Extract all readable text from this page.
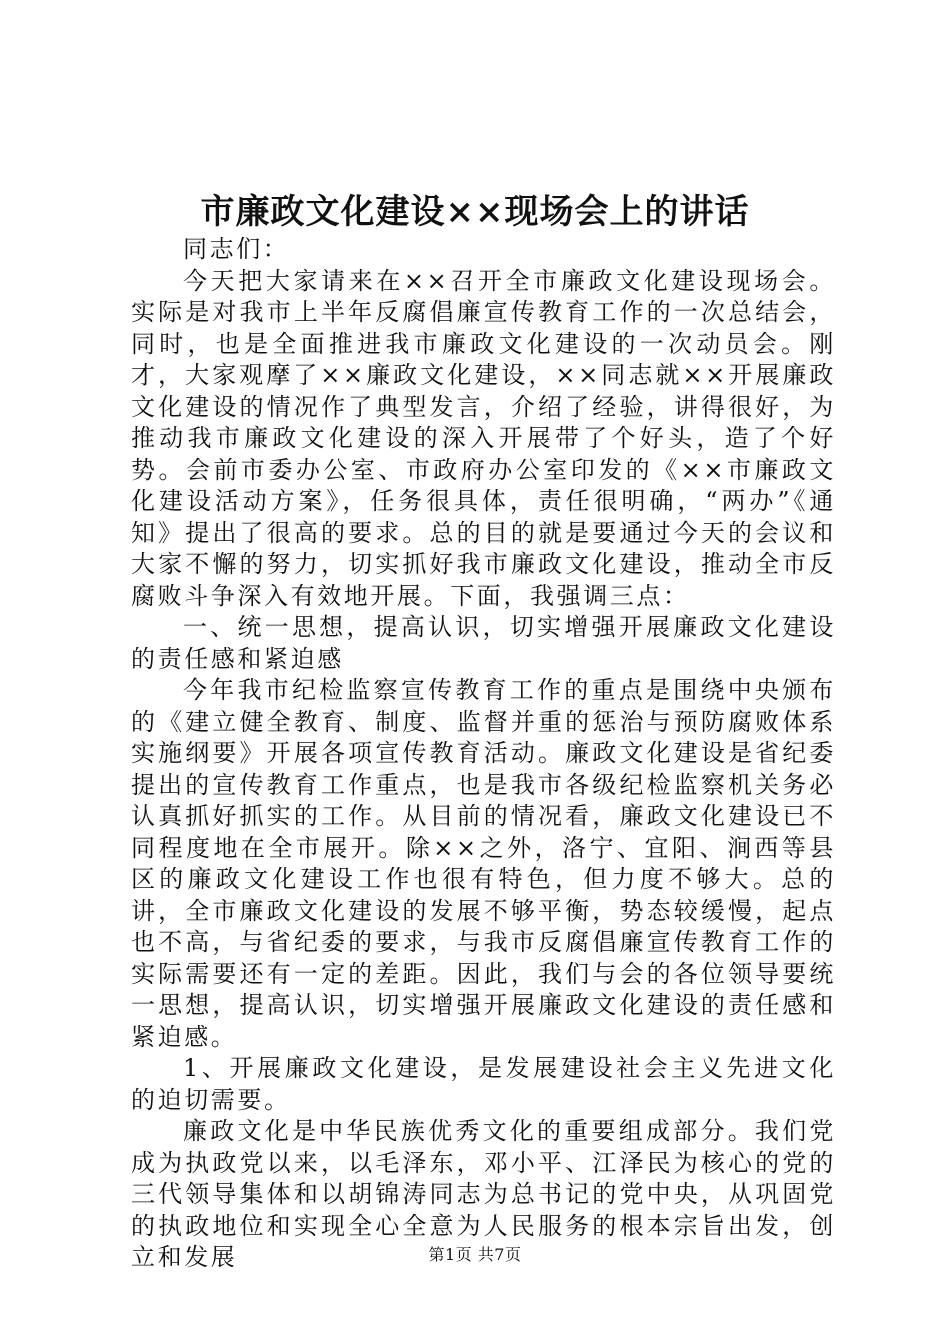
市廉政文化建设××现场会上的讲话

同志们：

今天把大家请来在××召开全市廉政文化建设现场会。实际是对我市上半年反腐倡廉宣传教育工作的一次总结会，同时，也是全面推进我市廉政文化建设的一次动员会。刚才，大家观摩了××廉政文化建设，××同志就××开展廉政文化建设的情况作了典型发言，介绍了经验，讲得很好，为推动我市廉政文化建设的深入开展带了个好头，造了个好势。会前市委办公室、市政府办公室印发的《××市廉政文化建设活动方案》，任务很具体，责任很明确，“两办”《通知》提出了很高的要求。总的目的就是要通过今天的会议和大家不懈的努力，切实抓好我市廉政文化建设，推动全市反腐败斗争深入有效地开展。下面，我强调三点：

一、统一思想，提高认识，切实增强开展廉政文化建设的责任感和紧迫感

今年我市纪检监察宣传教育工作的重点是围绕中央颁布的《建立健全教育、制度、监督并重的惩治与预防腐败体系实施纲要》开展各项宣传教育活动。廉政文化建设是省纪委提出的宣传教育工作重点，也是我市各级纪检监察机关务必认真抓好抓实的工作。从目前的情况看，廉政文化建设已不同程度地在全市展开。除××之外，洛宁、宜阳、涧西等县区的廉政文化建设工作也很有特色，但力度不够大。总的讲，全市廉政文化建设的发展不够平衡，势态较缓慢，起点也不高，与省纪委的要求，与我市反腐倡廉宣传教育工作的实际需要还有一定的差距。因此，我们与会的各位领导要统一思想，提高认识，切实增强开展廉政文化建设的责任感和紧迫感。

1、开展廉政文化建设，是发展建设社会主义先进文化的迫切需要。

廉政文化是中华民族优秀文化的重要组成部分。我们党成为执政党以来，以毛泽东，邓小平、江泽民为核心的党的三代领导集体和以胡锦涛同志为总书记的党中央，从巩固党的执政地位和实现全心全意为人民服务的根本宗旨出发，创立和发展	第1页 共7页
